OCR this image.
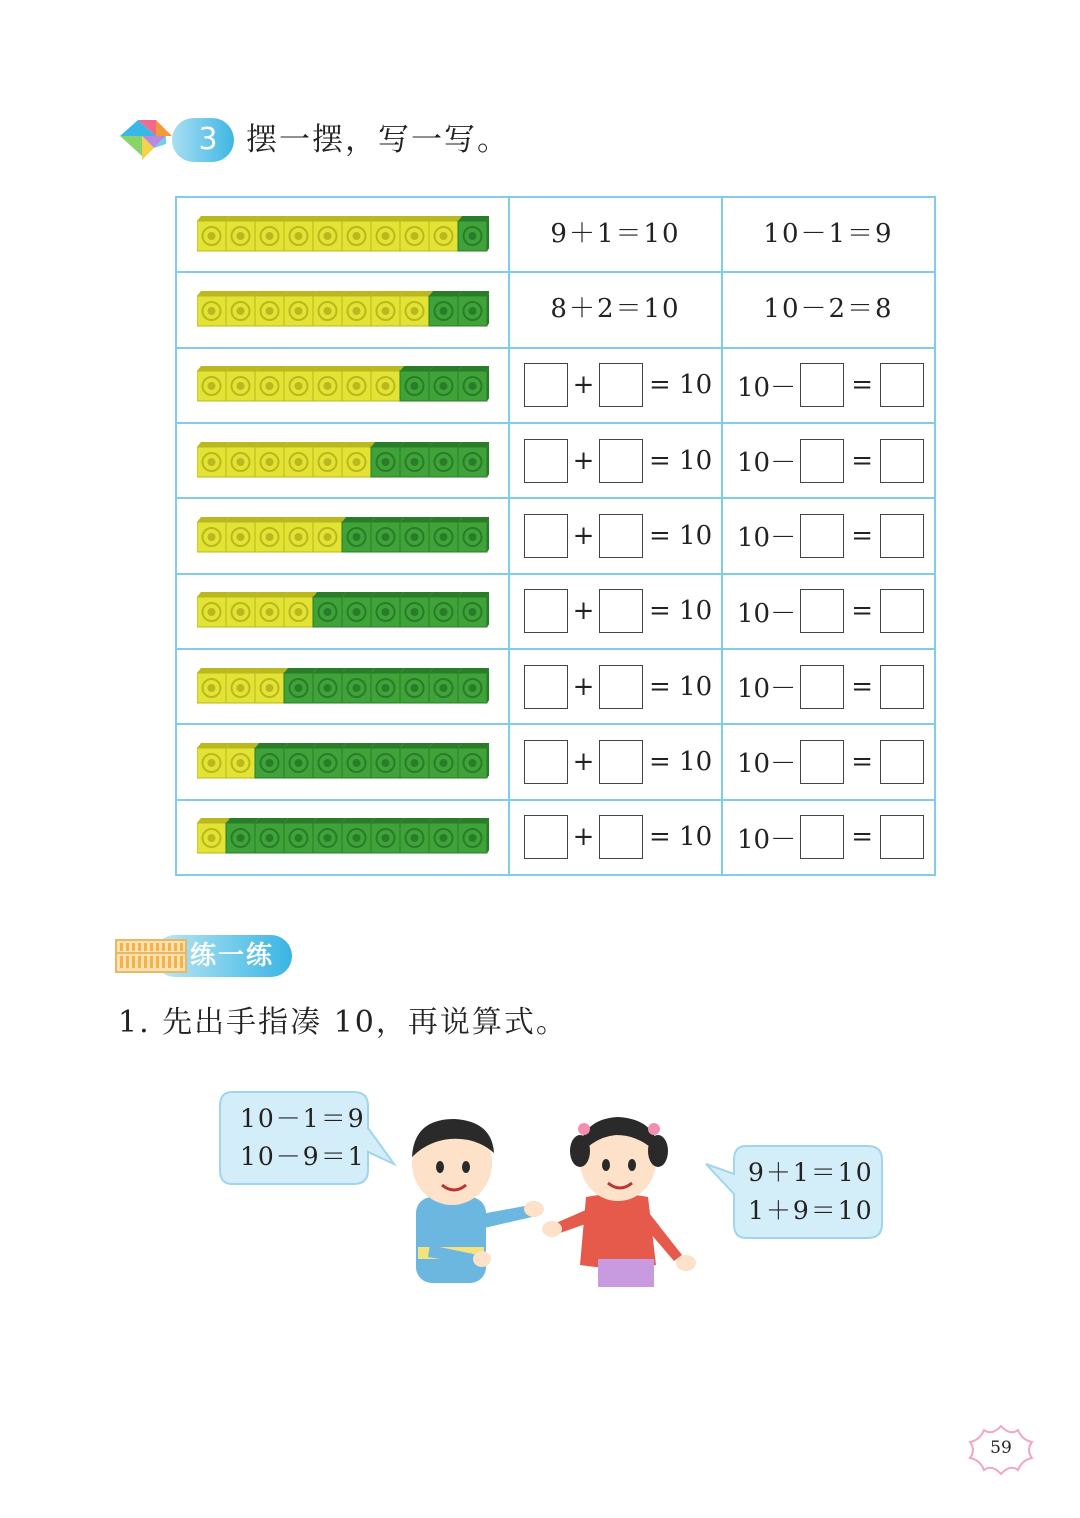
3 摆一摆，写一写。

9＋1＝10	10－1＝9

8＋2＝10	10－2＝8

+ = 10	10－ =

+ = 10	10－ =

+ = 10	10－ =

+ = 10	10－ =

+ = 10	10－ =

+ = 10	10－ =

+ = 10	10－ =
练一练
1. 先出手指凑 10，再说算式。
10－1＝9
10－9＝1
9＋1＝10
1＋9＝10
59
